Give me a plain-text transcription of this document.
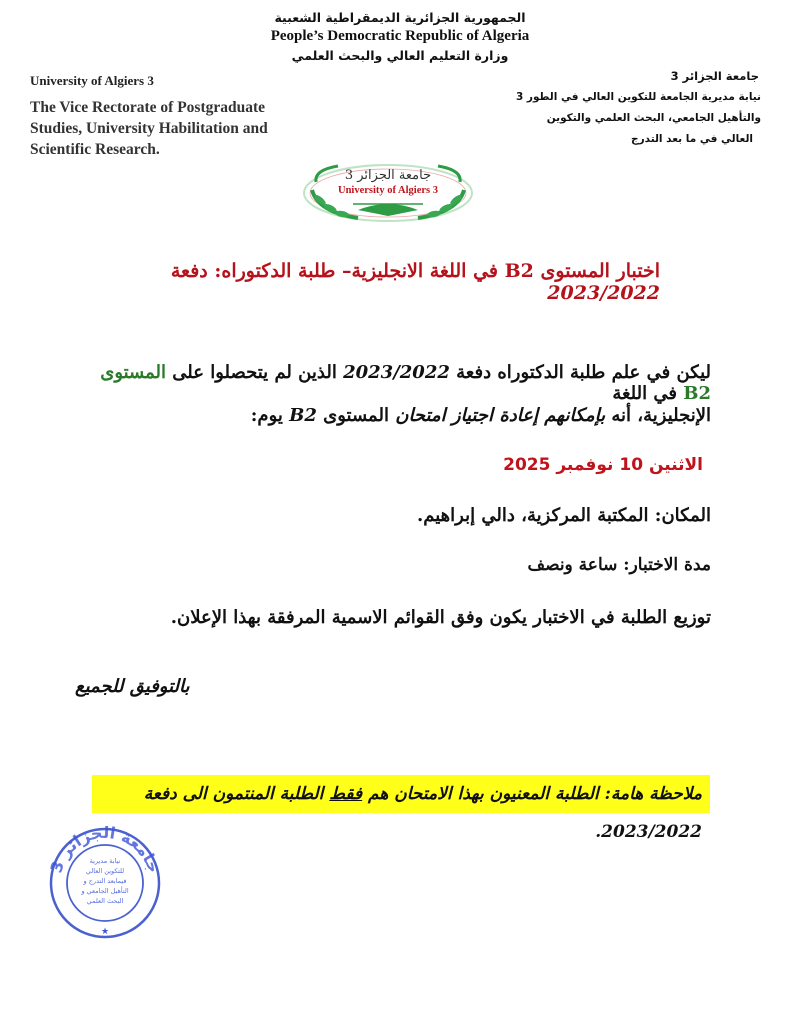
الجمهورية الجزائرية الديمقراطية الشعبية
People’s Democratic Republic of Algeria
وزارة التعليم العالي والبحث العلمي
University of Algiers 3
The Vice Rectorate of Postgraduate
Studies, University Habilitation and
Scientific Research.
جامعة الجزائر 3
نيابة مديرية الجامعة للتكوين العالي في الطور 3
والتأهيل الجامعي، البحث العلمي والتكوين
العالي في ما بعد التدرج
جامعة الجزائر 3
University of Algiers 3
اختبار المستوى B2 في اللغة الانجليزية– طلبة الدكتوراه: دفعة 2023/2022
ليكن في علم طلبة الدكتوراه دفعة 2023/2022 الذين لم يتحصلوا على المستوى B2 في اللغة
الإنجليزية، أنه بإمكانهم إعادة اجتياز امتحان المستوى B2 يوم:
الاثنين 10 نوفمبر 2025
المكان: المكتبة المركزية، دالي إبراهيم.
مدة الاختبار: ساعة ونصف
توزيع الطلبة في الاختبار يكون وفق القوائم الاسمية المرفقة بهذا الإعلان.
بالتوفيق للجميع
ملاحظة هامة: الطلبة المعنيون بهذا الامتحان هم فقط الطلبة المنتمون الى دفعة 2023/2022.
جامعة الجزائر 3
★
نيابة مديرية
للتكوين العالي
فيمابعد التدرج و
التأهيل الجامعي و
البحث العلمي
